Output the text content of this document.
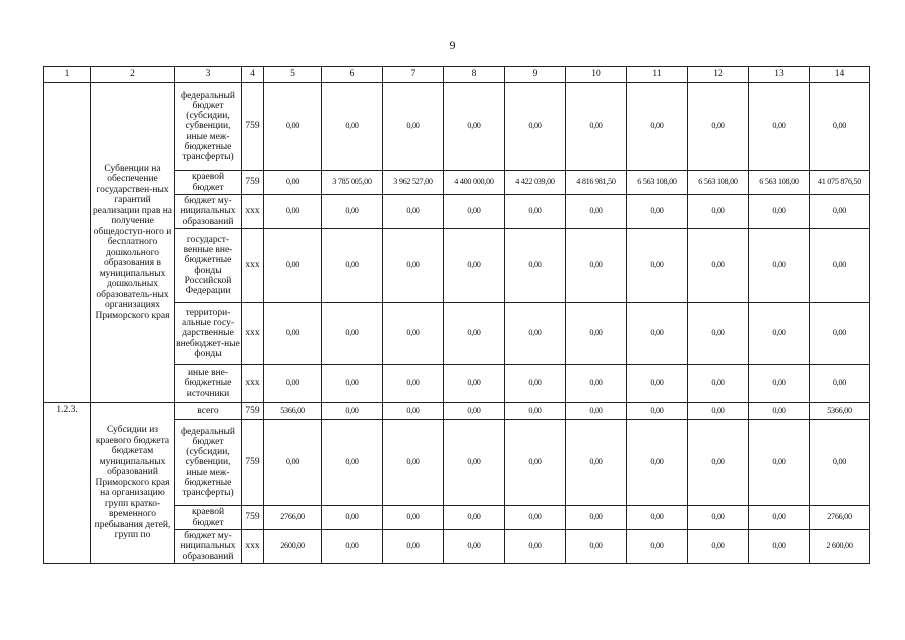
9
1	2	3	4	5	6	7	8	9	10	11	12	13	14
	Субвенции на обеспечение государствен-ных гарантий реализации прав на получение общедоступ-ного и бесплатного дошкольного образования в муниципальных дошкольных образователь-ных организациях Приморского края	федеральный бюджет (субсидии, субвенции, иные меж-бюджетные трансферты)	759	0,00	0,00	0,00	0,00	0,00	0,00	0,00	0,00	0,00	0,00
		краевой бюджет	759	0,00	3 785 005,00	3 962 527,00	4 400 000,00	4 422 039,00	4 816 981,50	6 563 108,00	6 563 108,00	6 563 108,00	41 075 876,50
		бюджет му-ниципальных образований	xxx	0,00	0,00	0,00	0,00	0,00	0,00	0,00	0,00	0,00	0,00
		государст-венные вне-бюджетные фонды Российской Федерации	xxx	0,00	0,00	0,00	0,00	0,00	0,00	0,00	0,00	0,00	0,00
		территори-альные госу-дарственные внебюджет-ные фонды	xxx	0,00	0,00	0,00	0,00	0,00	0,00	0,00	0,00	0,00	0,00
		иные вне-бюджетные источники	xxx	0,00	0,00	0,00	0,00	0,00	0,00	0,00	0,00	0,00	0,00
1.2.3.	Субсидии из краевого бюджета бюджетам муниципальных образований Приморского края на организацию групп кратко-временного пребывания детей, групп по	всего	759	5366,00	0,00	0,00	0,00	0,00	0,00	0,00	0,00	0,00	5366,00
		федеральный бюджет (субсидии, субвенции, иные меж-бюджетные трансферты)	759	0,00	0,00	0,00	0,00	0,00	0,00	0,00	0,00	0,00	0,00
		краевой бюджет	759	2766,00	0,00	0,00	0,00	0,00	0,00	0,00	0,00	0,00	2766,00
		бюджет му-ниципальных образований	xxx	2600,00	0,00	0,00	0,00	0,00	0,00	0,00	0,00	0,00	2 600,00
